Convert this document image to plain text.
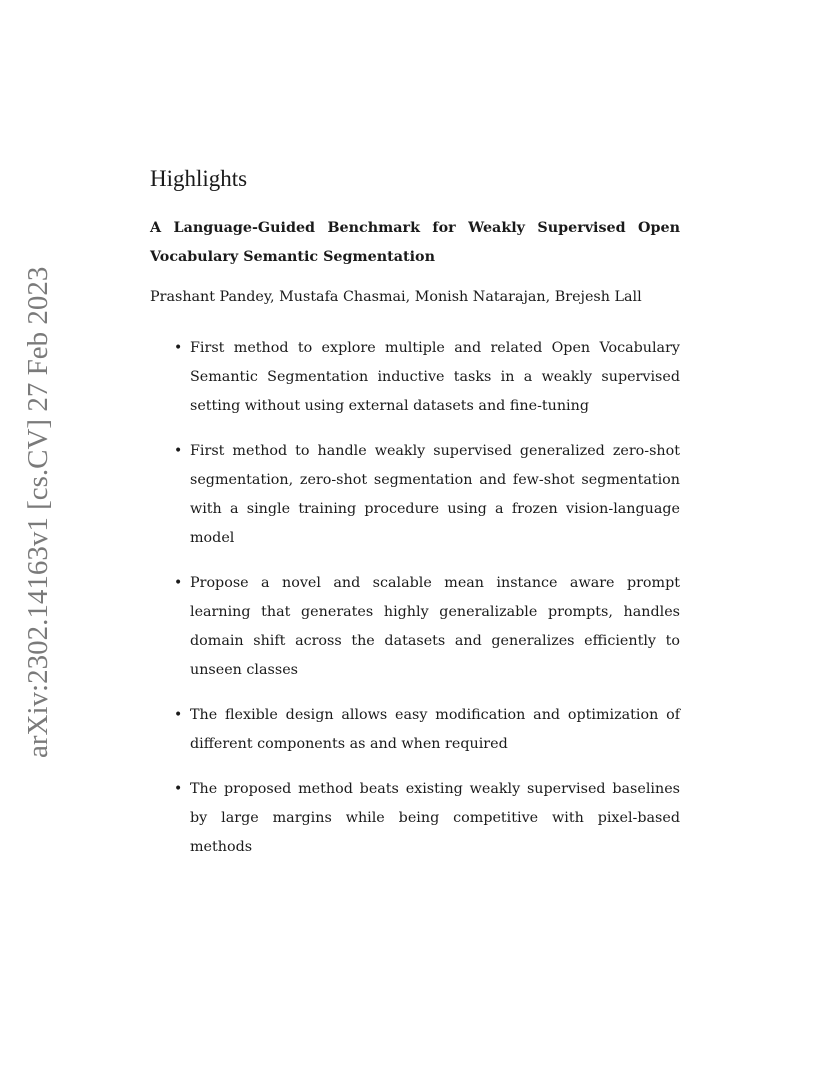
arXiv:2302.14163v1 [cs.CV] 27 Feb 2023
Highlights
A Language-Guided Benchmark for Weakly Supervised Open Vocabulary Semantic Segmentation
Prashant Pandey, Mustafa Chasmai, Monish Natarajan, Brejesh Lall
• First method to explore multiple and related Open Vocabulary Semantic Segmentation inductive tasks in a weakly supervised setting without using external datasets and fine-tuning
• First method to handle weakly supervised generalized zero-shot segmentation, zero-shot segmentation and few-shot segmentation with a single training procedure using a frozen vision-language model
• Propose a novel and scalable mean instance aware prompt learning that generates highly generalizable prompts, handles domain shift across the datasets and generalizes efficiently to unseen classes
• The flexible design allows easy modification and optimization of different components as and when required
• The proposed method beats existing weakly supervised baselines by large margins while being competitive with pixel-based methods
